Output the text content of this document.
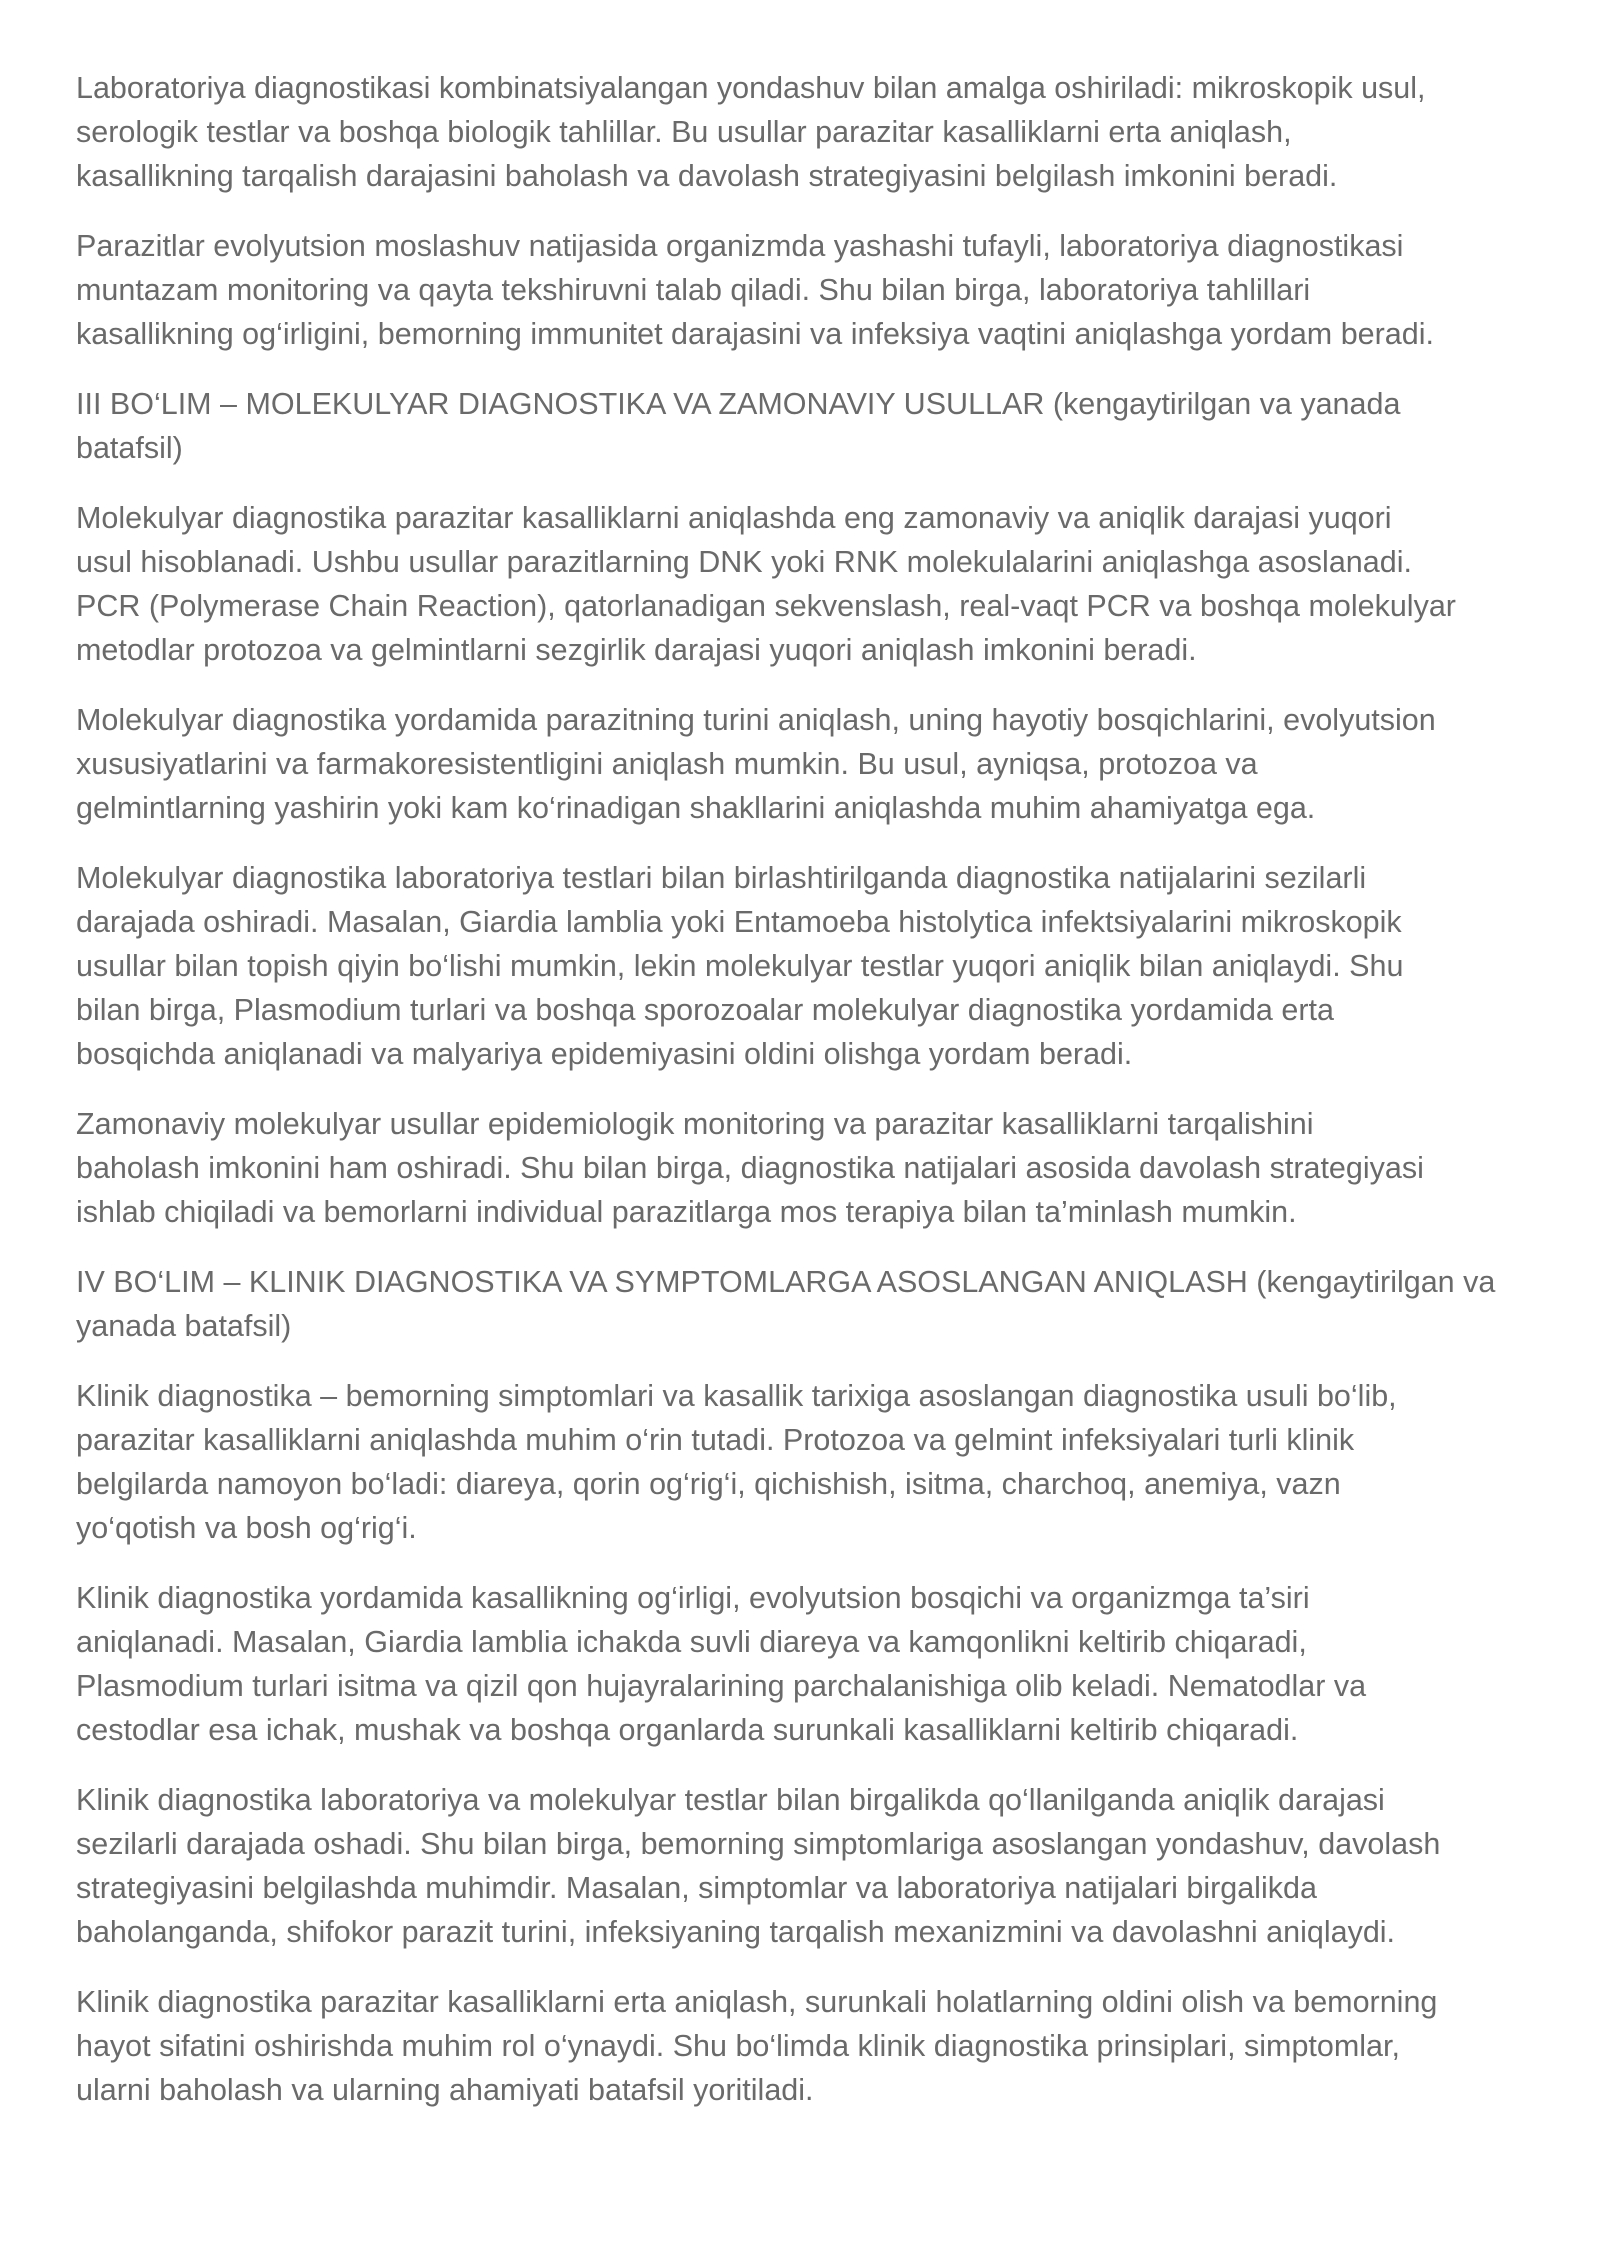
Laboratoriya diagnostikasi kombinatsiyalangan yondashuv bilan amalga oshiriladi: mikroskopik usul,

serologik testlar va boshqa biologik tahlillar. Bu usullar parazitar kasalliklarni erta aniqlash,

kasallikning tarqalish darajasini baholash va davolash strategiyasini belgilash imkonini beradi.

Parazitlar evolyutsion moslashuv natijasida organizmda yashashi tufayli, laboratoriya diagnostikasi

muntazam monitoring va qayta tekshiruvni talab qiladi. Shu bilan birga, laboratoriya tahlillari

kasallikning og‘irligini, bemorning immunitet darajasini va infeksiya vaqtini aniqlashga yordam beradi.

III BO‘LIM – MOLEKULYAR DIAGNOSTIKA VA ZAMONAVIY USULLAR (kengaytirilgan va yanada

batafsil)

Molekulyar diagnostika parazitar kasalliklarni aniqlashda eng zamonaviy va aniqlik darajasi yuqori

usul hisoblanadi. Ushbu usullar parazitlarning DNK yoki RNK molekulalarini aniqlashga asoslanadi.

PCR (Polymerase Chain Reaction), qatorlanadigan sekvenslash, real-vaqt PCR va boshqa molekulyar

metodlar protozoa va gelmintlarni sezgirlik darajasi yuqori aniqlash imkonini beradi.

Molekulyar diagnostika yordamida parazitning turini aniqlash, uning hayotiy bosqichlarini, evolyutsion

xususiyatlarini va farmakoresistentligini aniqlash mumkin. Bu usul, ayniqsa, protozoa va

gelmintlarning yashirin yoki kam ko‘rinadigan shakllarini aniqlashda muhim ahamiyatga ega.

Molekulyar diagnostika laboratoriya testlari bilan birlashtirilganda diagnostika natijalarini sezilarli

darajada oshiradi. Masalan, Giardia lamblia yoki Entamoeba histolytica infektsiyalarini mikroskopik

usullar bilan topish qiyin bo‘lishi mumkin, lekin molekulyar testlar yuqori aniqlik bilan aniqlaydi. Shu

bilan birga, Plasmodium turlari va boshqa sporozoalar molekulyar diagnostika yordamida erta

bosqichda aniqlanadi va malyariya epidemiyasini oldini olishga yordam beradi.

Zamonaviy molekulyar usullar epidemiologik monitoring va parazitar kasalliklarni tarqalishini

baholash imkonini ham oshiradi. Shu bilan birga, diagnostika natijalari asosida davolash strategiyasi

ishlab chiqiladi va bemorlarni individual parazitlarga mos terapiya bilan ta’minlash mumkin.

IV BO‘LIM – KLINIK DIAGNOSTIKA VA SYMPTOMLARGA ASOSLANGAN ANIQLASH (kengaytirilgan va

yanada batafsil)

Klinik diagnostika – bemorning simptomlari va kasallik tarixiga asoslangan diagnostika usuli bo‘lib,

parazitar kasalliklarni aniqlashda muhim o‘rin tutadi. Protozoa va gelmint infeksiyalari turli klinik

belgilarda namoyon bo‘ladi: diareya, qorin og‘rig‘i, qichishish, isitma, charchoq, anemiya, vazn

yo‘qotish va bosh og‘rig‘i.

Klinik diagnostika yordamida kasallikning og‘irligi, evolyutsion bosqichi va organizmga ta’siri

aniqlanadi. Masalan, Giardia lamblia ichakda suvli diareya va kamqonlikni keltirib chiqaradi,

Plasmodium turlari isitma va qizil qon hujayralarining parchalanishiga olib keladi. Nematodlar va

cestodlar esa ichak, mushak va boshqa organlarda surunkali kasalliklarni keltirib chiqaradi.

Klinik diagnostika laboratoriya va molekulyar testlar bilan birgalikda qo‘llanilganda aniqlik darajasi

sezilarli darajada oshadi. Shu bilan birga, bemorning simptomlariga asoslangan yondashuv, davolash

strategiyasini belgilashda muhimdir. Masalan, simptomlar va laboratoriya natijalari birgalikda

baholanganda, shifokor parazit turini, infeksiyaning tarqalish mexanizmini va davolashni aniqlaydi.

Klinik diagnostika parazitar kasalliklarni erta aniqlash, surunkali holatlarning oldini olish va bemorning

hayot sifatini oshirishda muhim rol o‘ynaydi. Shu bo‘limda klinik diagnostika prinsiplari, simptomlar,

ularni baholash va ularning ahamiyati batafsil yoritiladi.
